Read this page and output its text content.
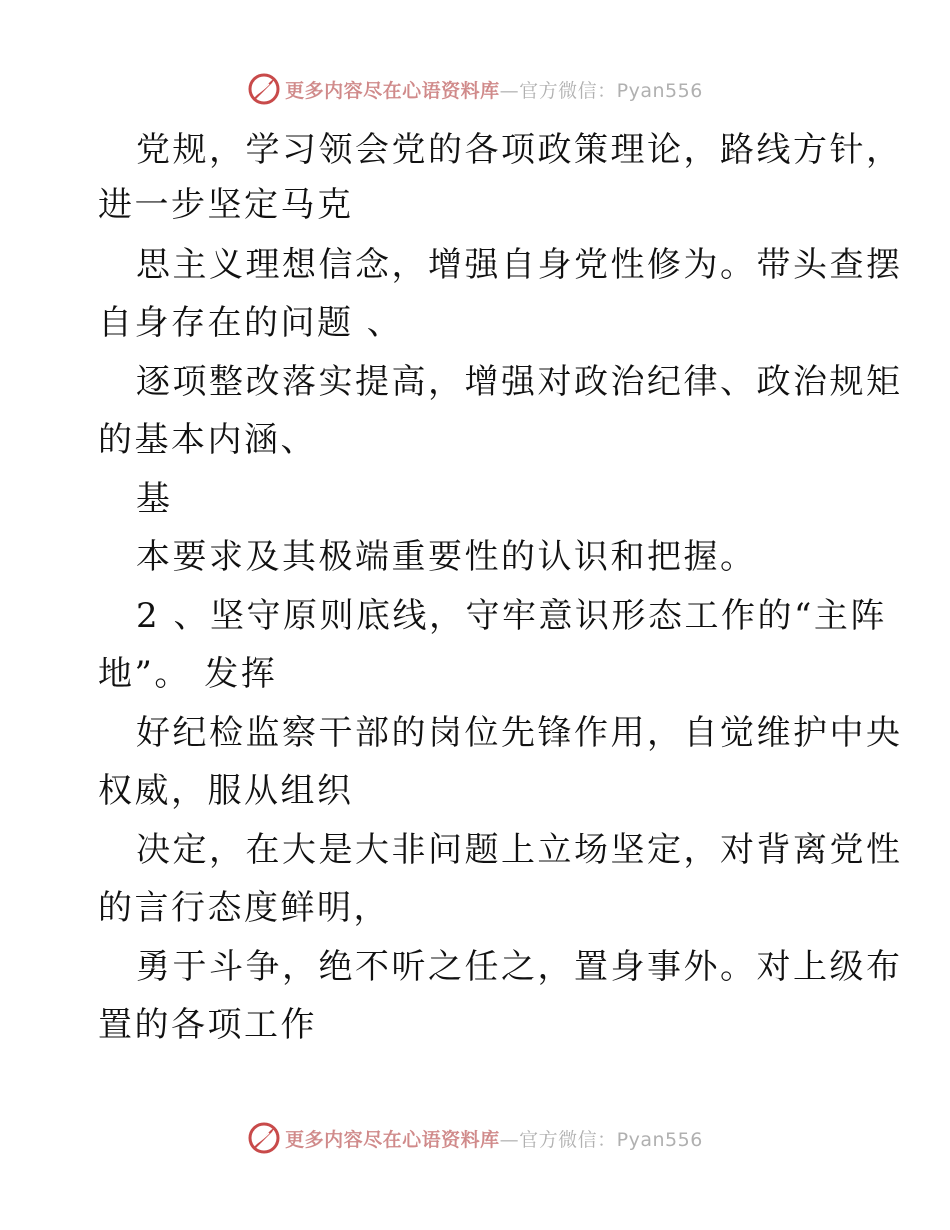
更多内容尽在心语资料库—官方微信：Pyan556
党规，学习领会党的各项政策理论，路线方针，
进一步坚定马克
思主义理想信念，增强自身党性修为。带头查摆
自身存在的问题 、
逐项整改落实提高，增强对政治纪律、政治规矩
的基本内涵、
基
本要求及其极端重要性的认识和把握。
2 、坚守原则底线，守牢意识形态工作的“主阵
地”。 发挥
好纪检监察干部的岗位先锋作用，自觉维护中央
权威，服从组织
决定，在大是大非问题上立场坚定，对背离党性
的言行态度鲜明，
勇于斗争，绝不听之任之，置身事外。对上级布
置的各项工作
更多内容尽在心语资料库—官方微信：Pyan556
